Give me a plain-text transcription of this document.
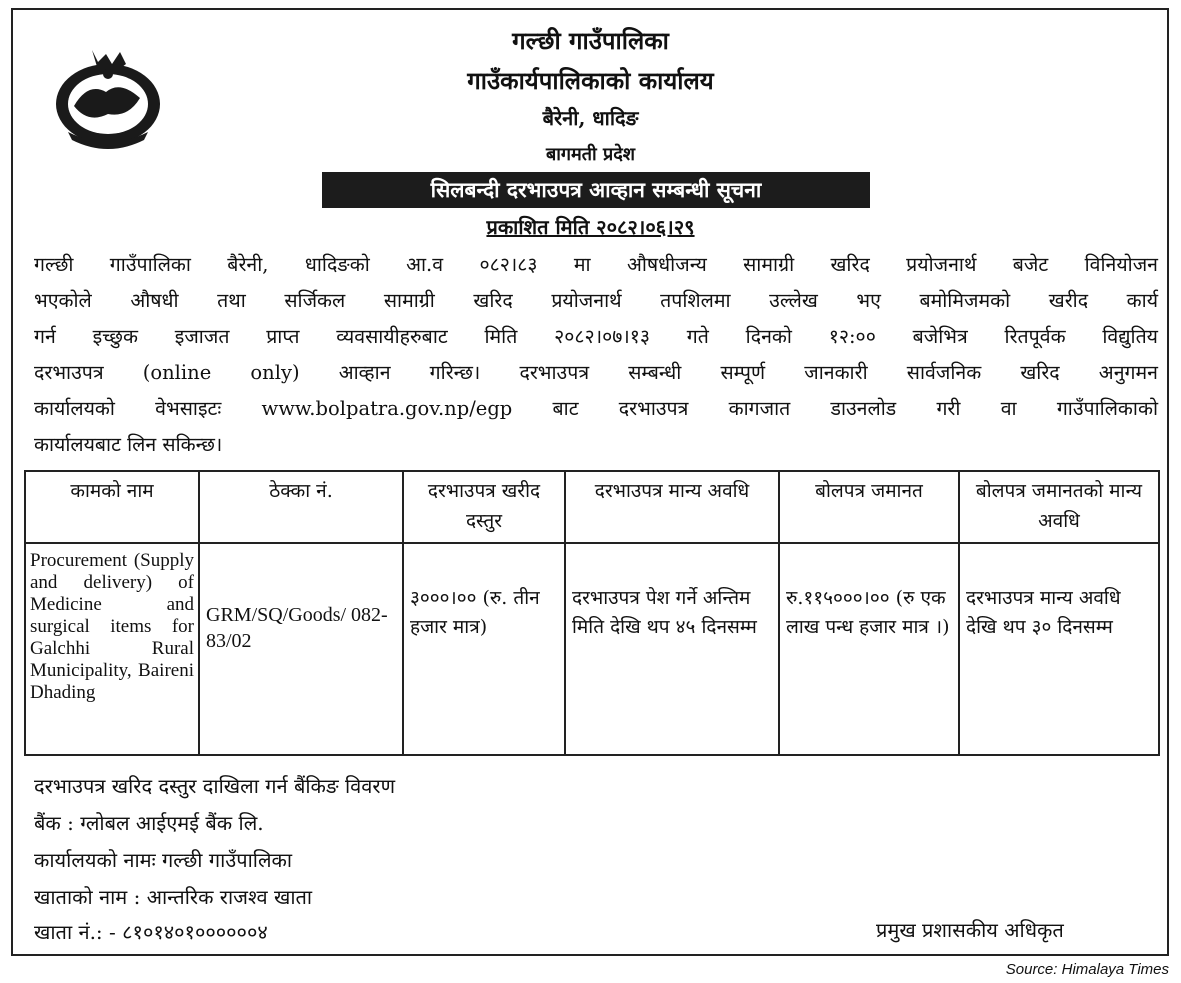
गल्छी गाउँपालिका
गाउँकार्यपालिकाको कार्यालय
बैरेनी, धादिङ
बागमती प्रदेश
सिलबन्दी दरभाउपत्र आव्हान सम्बन्धी सूचना
प्रकाशित मिति २०८२।०६।२९
गल्छी गाउँपालिका बैरेनी, धादिङको आ.व ०८२।८३ मा औषधीजन्य सामाग्री खरिद प्रयोजनार्थ बजेट विनियोजन
भएकोले औषधी तथा सर्जिकल सामाग्री खरिद प्रयोजनार्थ तपशिलमा उल्लेख भए बमोमिजमको खरीद कार्य
गर्न इच्छुक इजाजत प्राप्त व्यवसायीहरुबाट मिति २०८२।०७।१३ गते दिनको १२:०० बजेभित्र रितपूर्वक विद्युतिय
दरभाउपत्र (online only) आव्हान गरिन्छ। दरभाउपत्र सम्बन्धी सम्पूर्ण जानकारी सार्वजनिक खरिद अनुगमन
कार्यालयको वेभसाइटः www.bolpatra.gov.np/egp बाट दरभाउपत्र कागजात डाउनलोड गरी वा गाउँपालिकाको
कार्यालयबाट लिन सकिन्छ।
कामको नाम	ठेक्का नं.	दरभाउपत्र खरीद दस्तुर	दरभाउपत्र मान्य अवधि	बोलपत्र जमानत	बोलपत्र जमानतको मान्य अवधि
Procurement (Supply and delivery) of Medicine and surgical items for Galchhi Rural Municipality, Baireni Dhading	GRM/SQ/Goods/ 082-83/02	३०००।०० (रु. तीन हजार मात्र)	दरभाउपत्र पेश गर्ने अन्तिम मिति देखि थप ४५ दिनसम्म	रु.११५०००।०० (रु एक लाख पन्ध हजार मात्र ।)	दरभाउपत्र मान्य अवधि देखि थप ३० दिनसम्म
दरभाउपत्र खरिद दस्तुर दाखिला गर्न बैंकिङ विवरण
बैंक : ग्लोबल आईएमई बैंक लि.
कार्यालयको नामः गल्छी गाउँपालिका
खाताको नाम : आन्तरिक राजश्व खाता
खाता नं.: - ८१०१४०१००००००४	प्रमुख प्रशासकीय अधिकृत
Source: Himalaya Times
